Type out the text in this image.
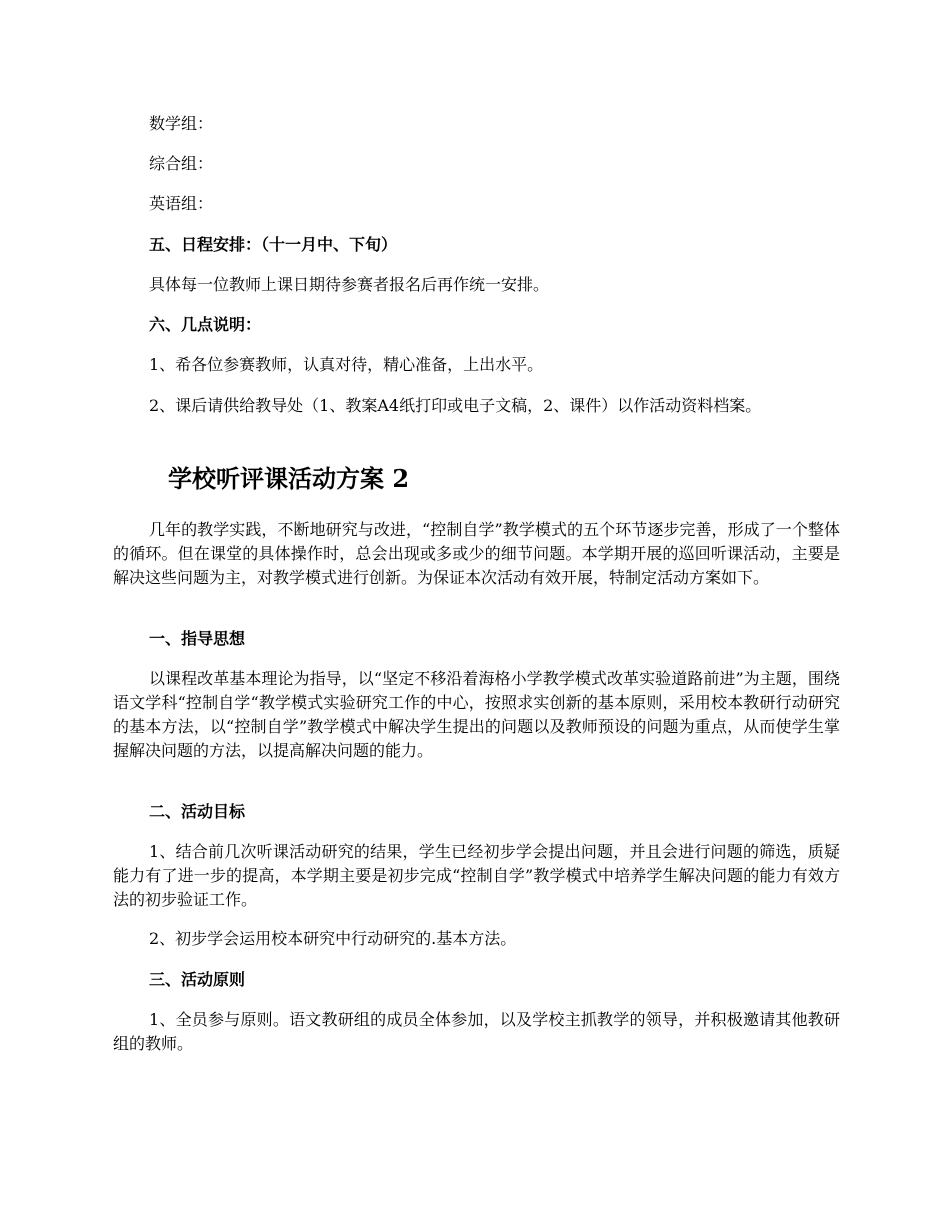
数学组：

综合组：

英语组：

五、日程安排：（十一月中、下旬）

具体每一位教师上课日期待参赛者报名后再作统一安排。

六、几点说明：

1、希各位参赛教师，认真对待，精心准备，上出水平。

2、课后请供给教导处（1、教案A4纸打印或电子文稿，2、课件）以作活动资料档案。

学校听评课活动方案 2

几年的教学实践，不断地研究与改进，“控制自学”教学模式的五个环节逐步完善，形成了一个整体的循环。但在课堂的具体操作时，总会出现或多或少的细节问题。本学期开展的巡回听课活动，主要是解决这些问题为主，对教学模式进行创新。为保证本次活动有效开展，特制定活动方案如下。

一、指导思想

以课程改革基本理论为指导，以“坚定不移沿着海格小学教学模式改革实验道路前进”为主题，围绕语文学科“控制自学“教学模式实验研究工作的中心，按照求实创新的基本原则，采用校本教研行动研究的基本方法，以“控制自学”教学模式中解决学生提出的问题以及教师预设的问题为重点，从而使学生掌握解决问题的方法，以提高解决问题的能力。

二、活动目标

1、结合前几次听课活动研究的结果，学生已经初步学会提出问题，并且会进行问题的筛选，质疑能力有了进一步的提高，本学期主要是初步完成“控制自学”教学模式中培养学生解决问题的能力有效方法的初步验证工作。

2、初步学会运用校本研究中行动研究的.基本方法。

三、活动原则

1、全员参与原则。语文教研组的成员全体参加，以及学校主抓教学的领导，并积极邀请其他教研组的教师。
